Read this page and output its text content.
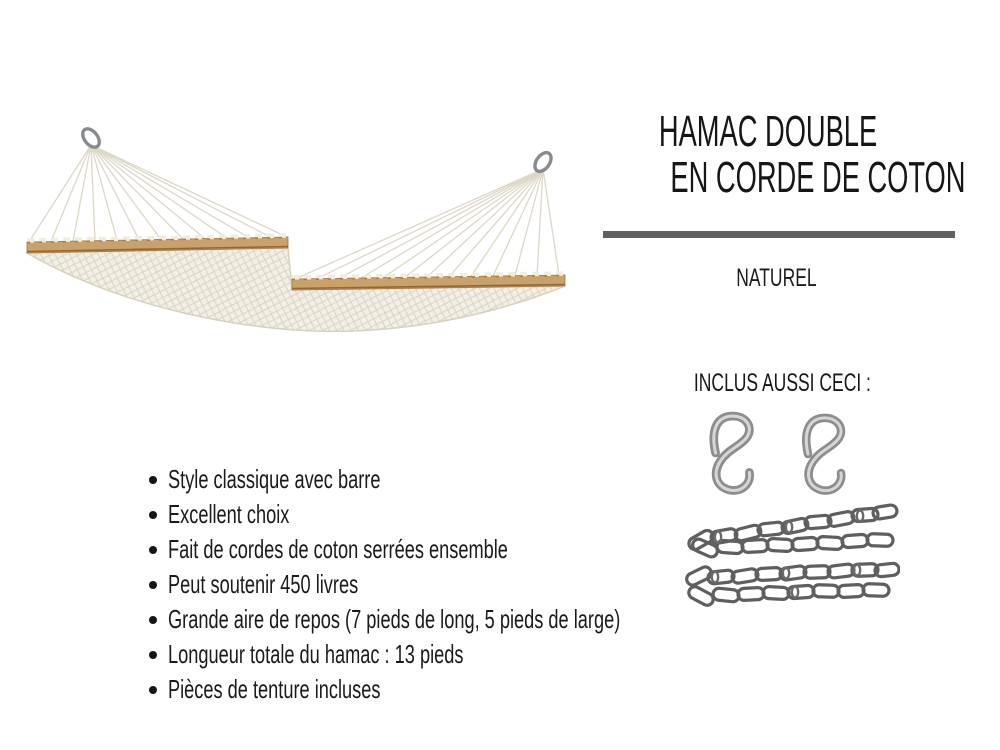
HAMAC DOUBLE
EN CORDE DE COTON
NATUREL
INCLUS AUSSI CECI :
Style classique avec barre
Excellent choix
Fait de cordes de coton serrées ensemble
Peut soutenir 450 livres
Grande aire de repos (7 pieds de long, 5 pieds de large)
Longueur totale du hamac : 13 pieds
Pièces de tenture incluses
